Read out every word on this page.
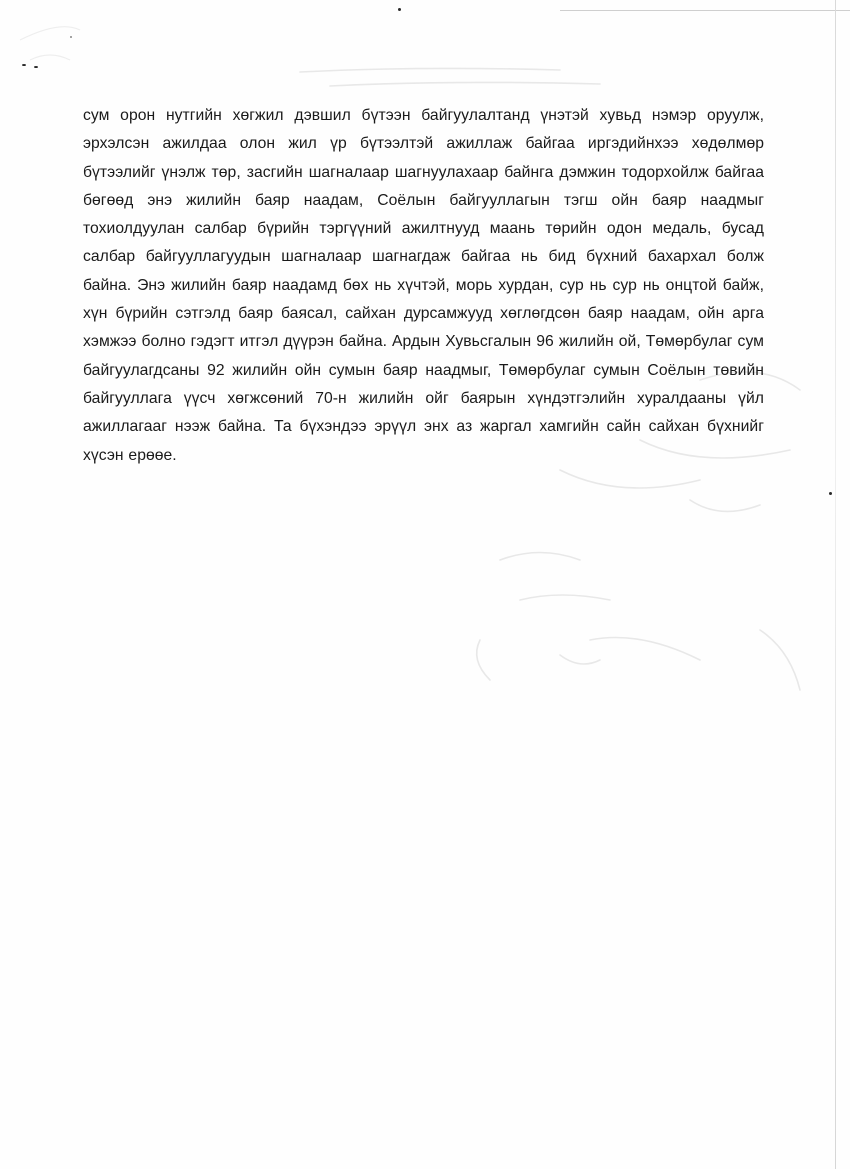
сум орон нутгийн хөгжил дэвшил бүтээн байгуулалтанд үнэтэй хувьд нэмэр оруулж, эрхэлсэн ажилдаа олон жил үр бүтээлтэй ажиллаж байгаа иргэдийнхээ хөдөлмөр бүтээлийг үнэлж төр, засгийн шагналаар шагнуулахаар байнга дэмжин тодорхойлж байгаа бөгөөд энэ жилийн баяр наадам, Соёлын байгууллагын тэгш ойн баяр наадмыг тохиолдуулан салбар бүрийн тэргүүний ажилтнууд маань төрийн одон медаль, бусад салбар байгууллагуудын шагналаар шагнагдаж байгаа нь бид бүхний бахархал болж байна. Энэ жилийн баяр наадамд бөх нь хүчтэй, морь хурдан, сур нь сур нь онцтой байж, хүн бүрийн сэтгэлд баяр баясал, сайхан дурсамжууд хөглөгдсөн баяр наадам, ойн арга хэмжээ болно гэдэгт итгэл дүүрэн байна. Ардын Хувьсгалын 96 жилийн ой, Төмөрбулаг сум байгуулагдсаны 92 жилийн ойн сумын баяр наадмыг, Төмөрбулаг сумын Соёлын төвийн байгууллага үүсч хөгжсөний 70-н жилийн ойг баярын хүндэтгэлийн хуралдааны үйл ажиллагааг нээж байна. Та бүхэндээ эрүүл энх аз жаргал хамгийн сайн сайхан бүхнийг хүсэн ерөөе.
